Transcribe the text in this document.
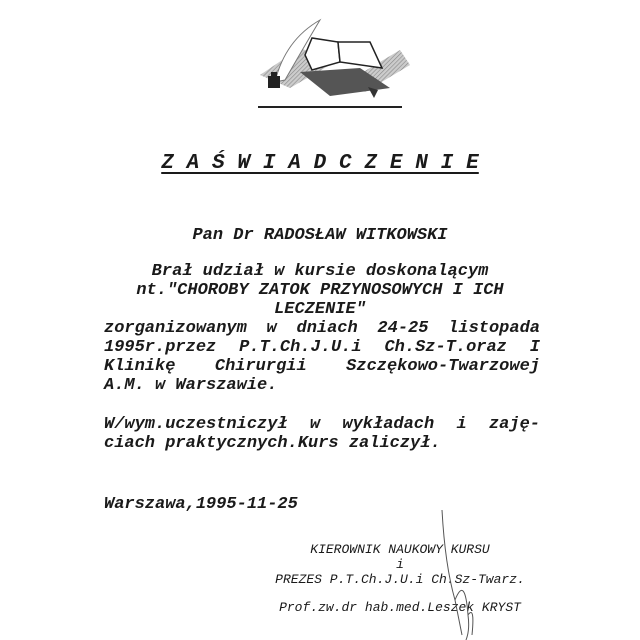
Z A Ś W I A D C Z E N I E
Pan Dr RADOSŁAW WITKOWSKI
Brał udział w kursie doskonalącym
nt."CHOROBY ZATOK PRZYNOSOWYCH I ICH
LECZENIE"
zorganizowanym w dniach 24-25 listopada
1995r.przez P.T.Ch.J.U.i Ch.Sz-T.oraz I
Klinikę Chirurgii Szczękowo-Twarzowej
A.M. w Warszawie.
W/wym.uczestniczył w wykładach i zaję-
ciach praktycznych.Kurs zaliczył.
Warszawa,1995-11-25
KIEROWNIK NAUKOWY KURSU
i
PREZES P.T.Ch.J.U.i Ch.Sz-Twarz.
Prof.zw.dr hab.med.Leszek KRYST
